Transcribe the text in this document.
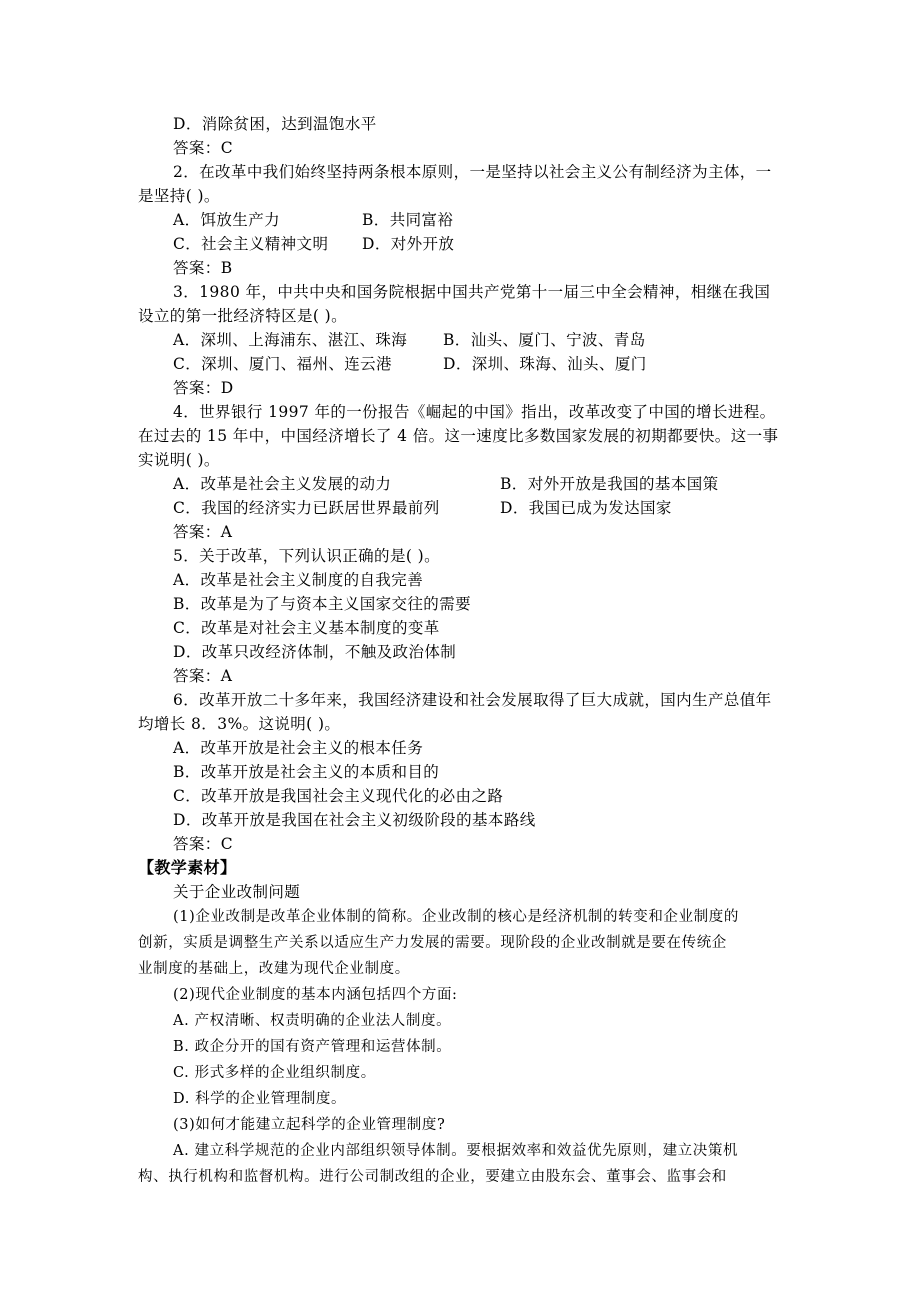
D．消除贫困，达到温饱水平
答案：C
2．在改革中我们始终坚持两条根本原则，一是坚持以社会主义公有制经济为主体，一
是坚持( )。
A．饵放生产力	B．共同富裕
C．社会主义精神文明 D．对外开放
答案：B
3．1980 年，中共中央和国务院根据中国共产党第十一届三中全会精神，相继在我国
设立的第一批经济特区是( )。
A．深圳、上海浦东、湛江、珠海 B．汕头、厦门、宁波、青岛
C．深圳、厦门、福州、连云港	D．深圳、珠海、汕头、厦门
答案：D
4．世界银行 1997 年的一份报告《崛起的中国》指出，改革改变了中国的增长进程。
在过去的 15 年中，中国经济增长了 4 倍。这一速度比多数国家发展的初期都要快。这一事
实说明( )。
A．改革是社会主义发展的动力	B．对外开放是我国的基本国策
C．我国的经济实力已跃居世界最前列	D．我国已成为发达国家
答案：A
5．关于改革，下列认识正确的是( )。
A．改革是社会主义制度的自我完善
B．改革是为了与资本主义国家交往的需要
C．改革是对社会主义基本制度的变革
D．改革只改经济体制，不触及政治体制
答案：A
6．改革开放二十多年来，我国经济建设和社会发展取得了巨大成就，国内生产总值年
均增长 8．3%。这说明( )。
A．改革开放是社会主义的根本任务
B．改革开放是社会主义的本质和目的
C．改革开放是我国社会主义现代化的必由之路
D．改革开放是我国在社会主义初级阶段的基本路线
答案：C
【教学素材】
关于企业改制问题
(1)企业改制是改革企业体制的简称。企业改制的核心是经济机制的转变和企业制度的
创新，实质是调整生产关系以适应生产力发展的需要。现阶段的企业改制就是要在传统企
业制度的基础上，改建为现代企业制度。
(2)现代企业制度的基本内涵包括四个方面:
A. 产权清晰、权责明确的企业法人制度。
B. 政企分开的国有资产管理和运营体制。
C. 形式多样的企业组织制度。
D. 科学的企业管理制度。
(3)如何才能建立起科学的企业管理制度?
A. 建立科学规范的企业内部组织领导体制。要根据效率和效益优先原则，建立决策机
构、执行机构和监督机构。进行公司制改组的企业，要建立由股东会、董事会、监事会和
